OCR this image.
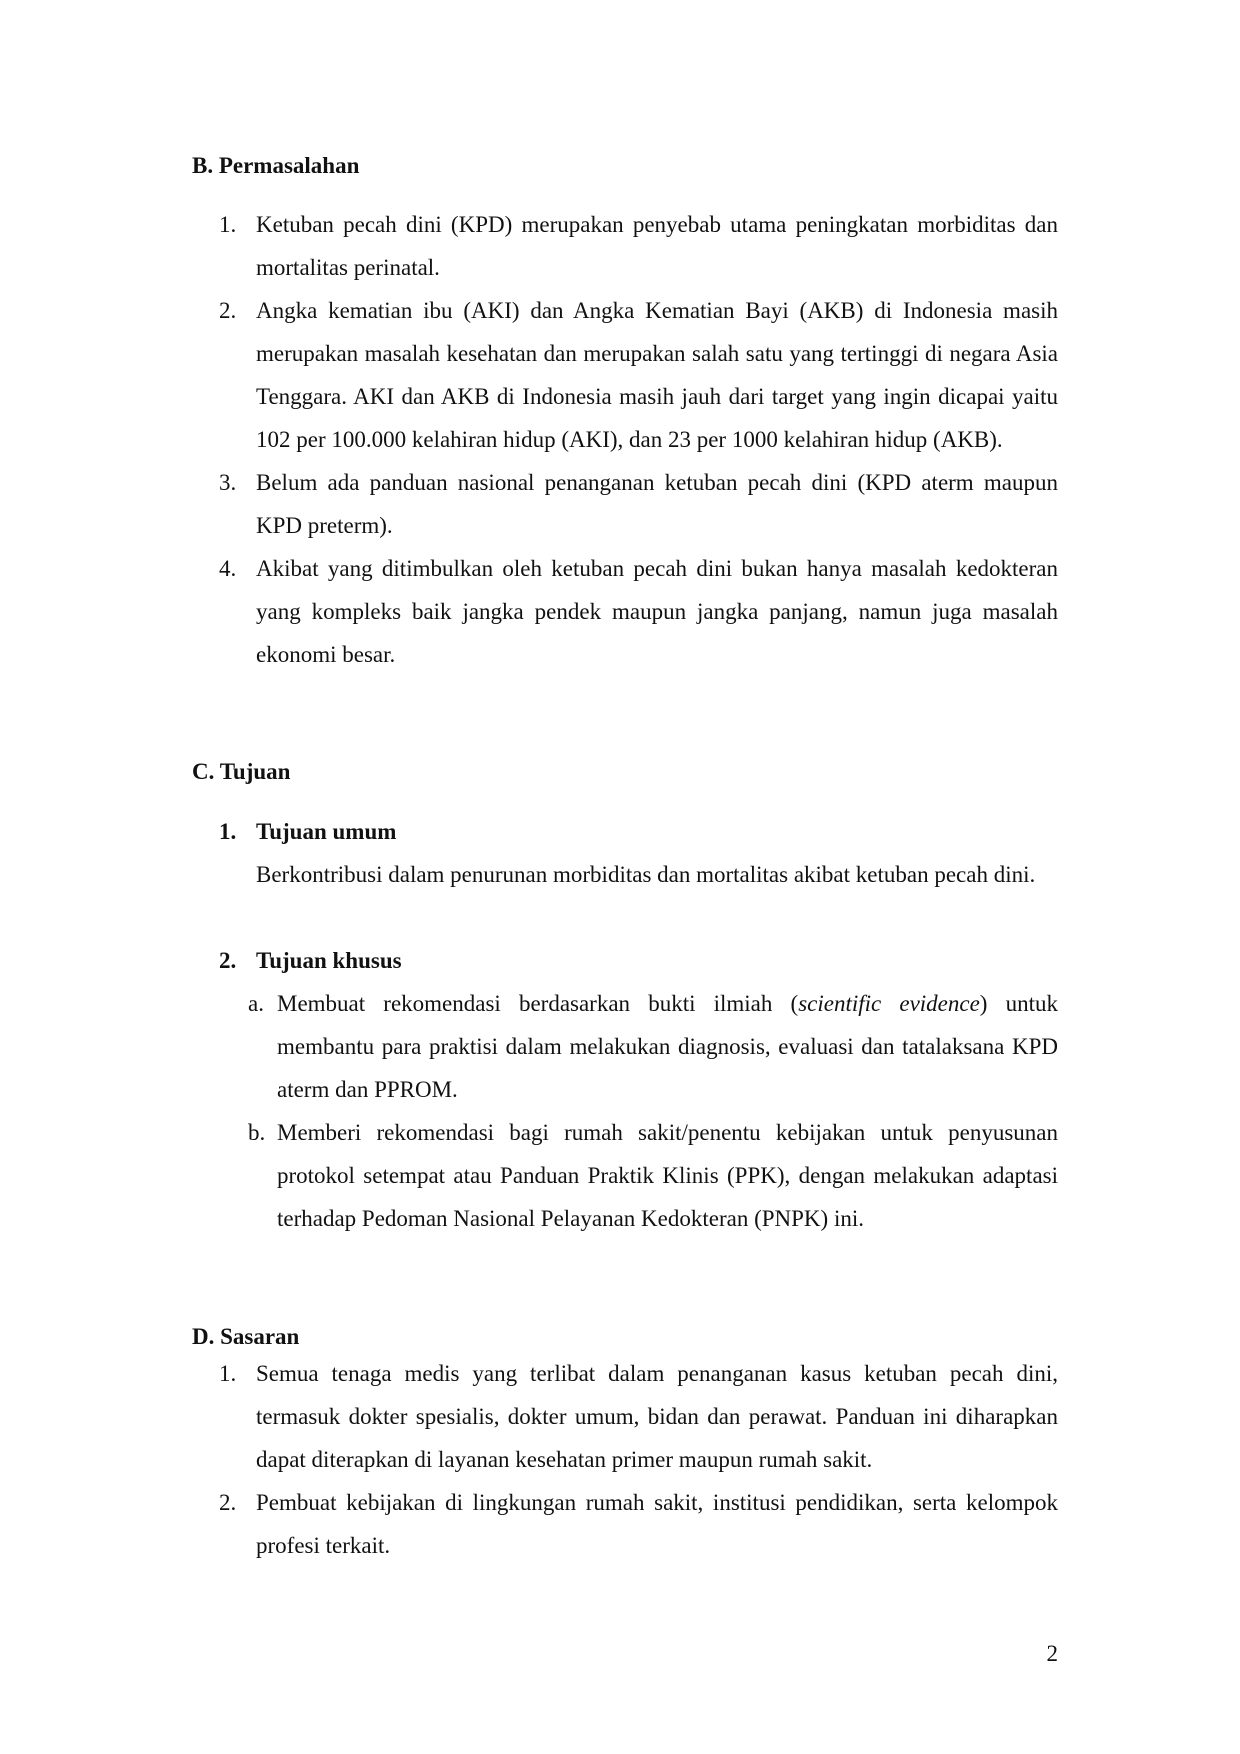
B. Permasalahan
1. Ketuban pecah dini (KPD) merupakan penyebab utama peningkatan morbiditas dan mortalitas perinatal.

2. Angka kematian ibu (AKI) dan Angka Kematian Bayi (AKB) di Indonesia masih merupakan masalah kesehatan dan merupakan salah satu yang tertinggi di negara Asia Tenggara. AKI dan AKB di Indonesia masih jauh dari target yang ingin dicapai yaitu 102 per 100.000 kelahiran hidup (AKI), dan 23 per 1000 kelahiran hidup (AKB).

3. Belum ada panduan nasional penanganan ketuban pecah dini (KPD aterm maupun KPD preterm).

4. Akibat yang ditimbulkan oleh ketuban pecah dini bukan hanya masalah kedokteran yang kompleks baik jangka pendek maupun jangka panjang, namun juga masalah ekonomi besar.

C. Tujuan
1. Tujuan umum

Berkontribusi dalam penurunan morbiditas dan mortalitas akibat ketuban pecah dini.

2. Tujuan khusus
a. Membuat rekomendasi berdasarkan bukti ilmiah (scientific evidence) untuk membantu para praktisi dalam melakukan diagnosis, evaluasi dan tatalaksana KPD aterm dan PPROM.

b. Memberi rekomendasi bagi rumah sakit/penentu kebijakan untuk penyusunan protokol setempat atau Panduan Praktik Klinis (PPK), dengan melakukan adaptasi terhadap Pedoman Nasional Pelayanan Kedokteran (PNPK) ini.

D. Sasaran
1. Semua tenaga medis yang terlibat dalam penanganan kasus ketuban pecah dini, termasuk dokter spesialis, dokter umum, bidan dan perawat. Panduan ini diharapkan dapat diterapkan di layanan kesehatan primer maupun rumah sakit.

2. Pembuat kebijakan di lingkungan rumah sakit, institusi pendidikan, serta kelompok profesi terkait.

2
